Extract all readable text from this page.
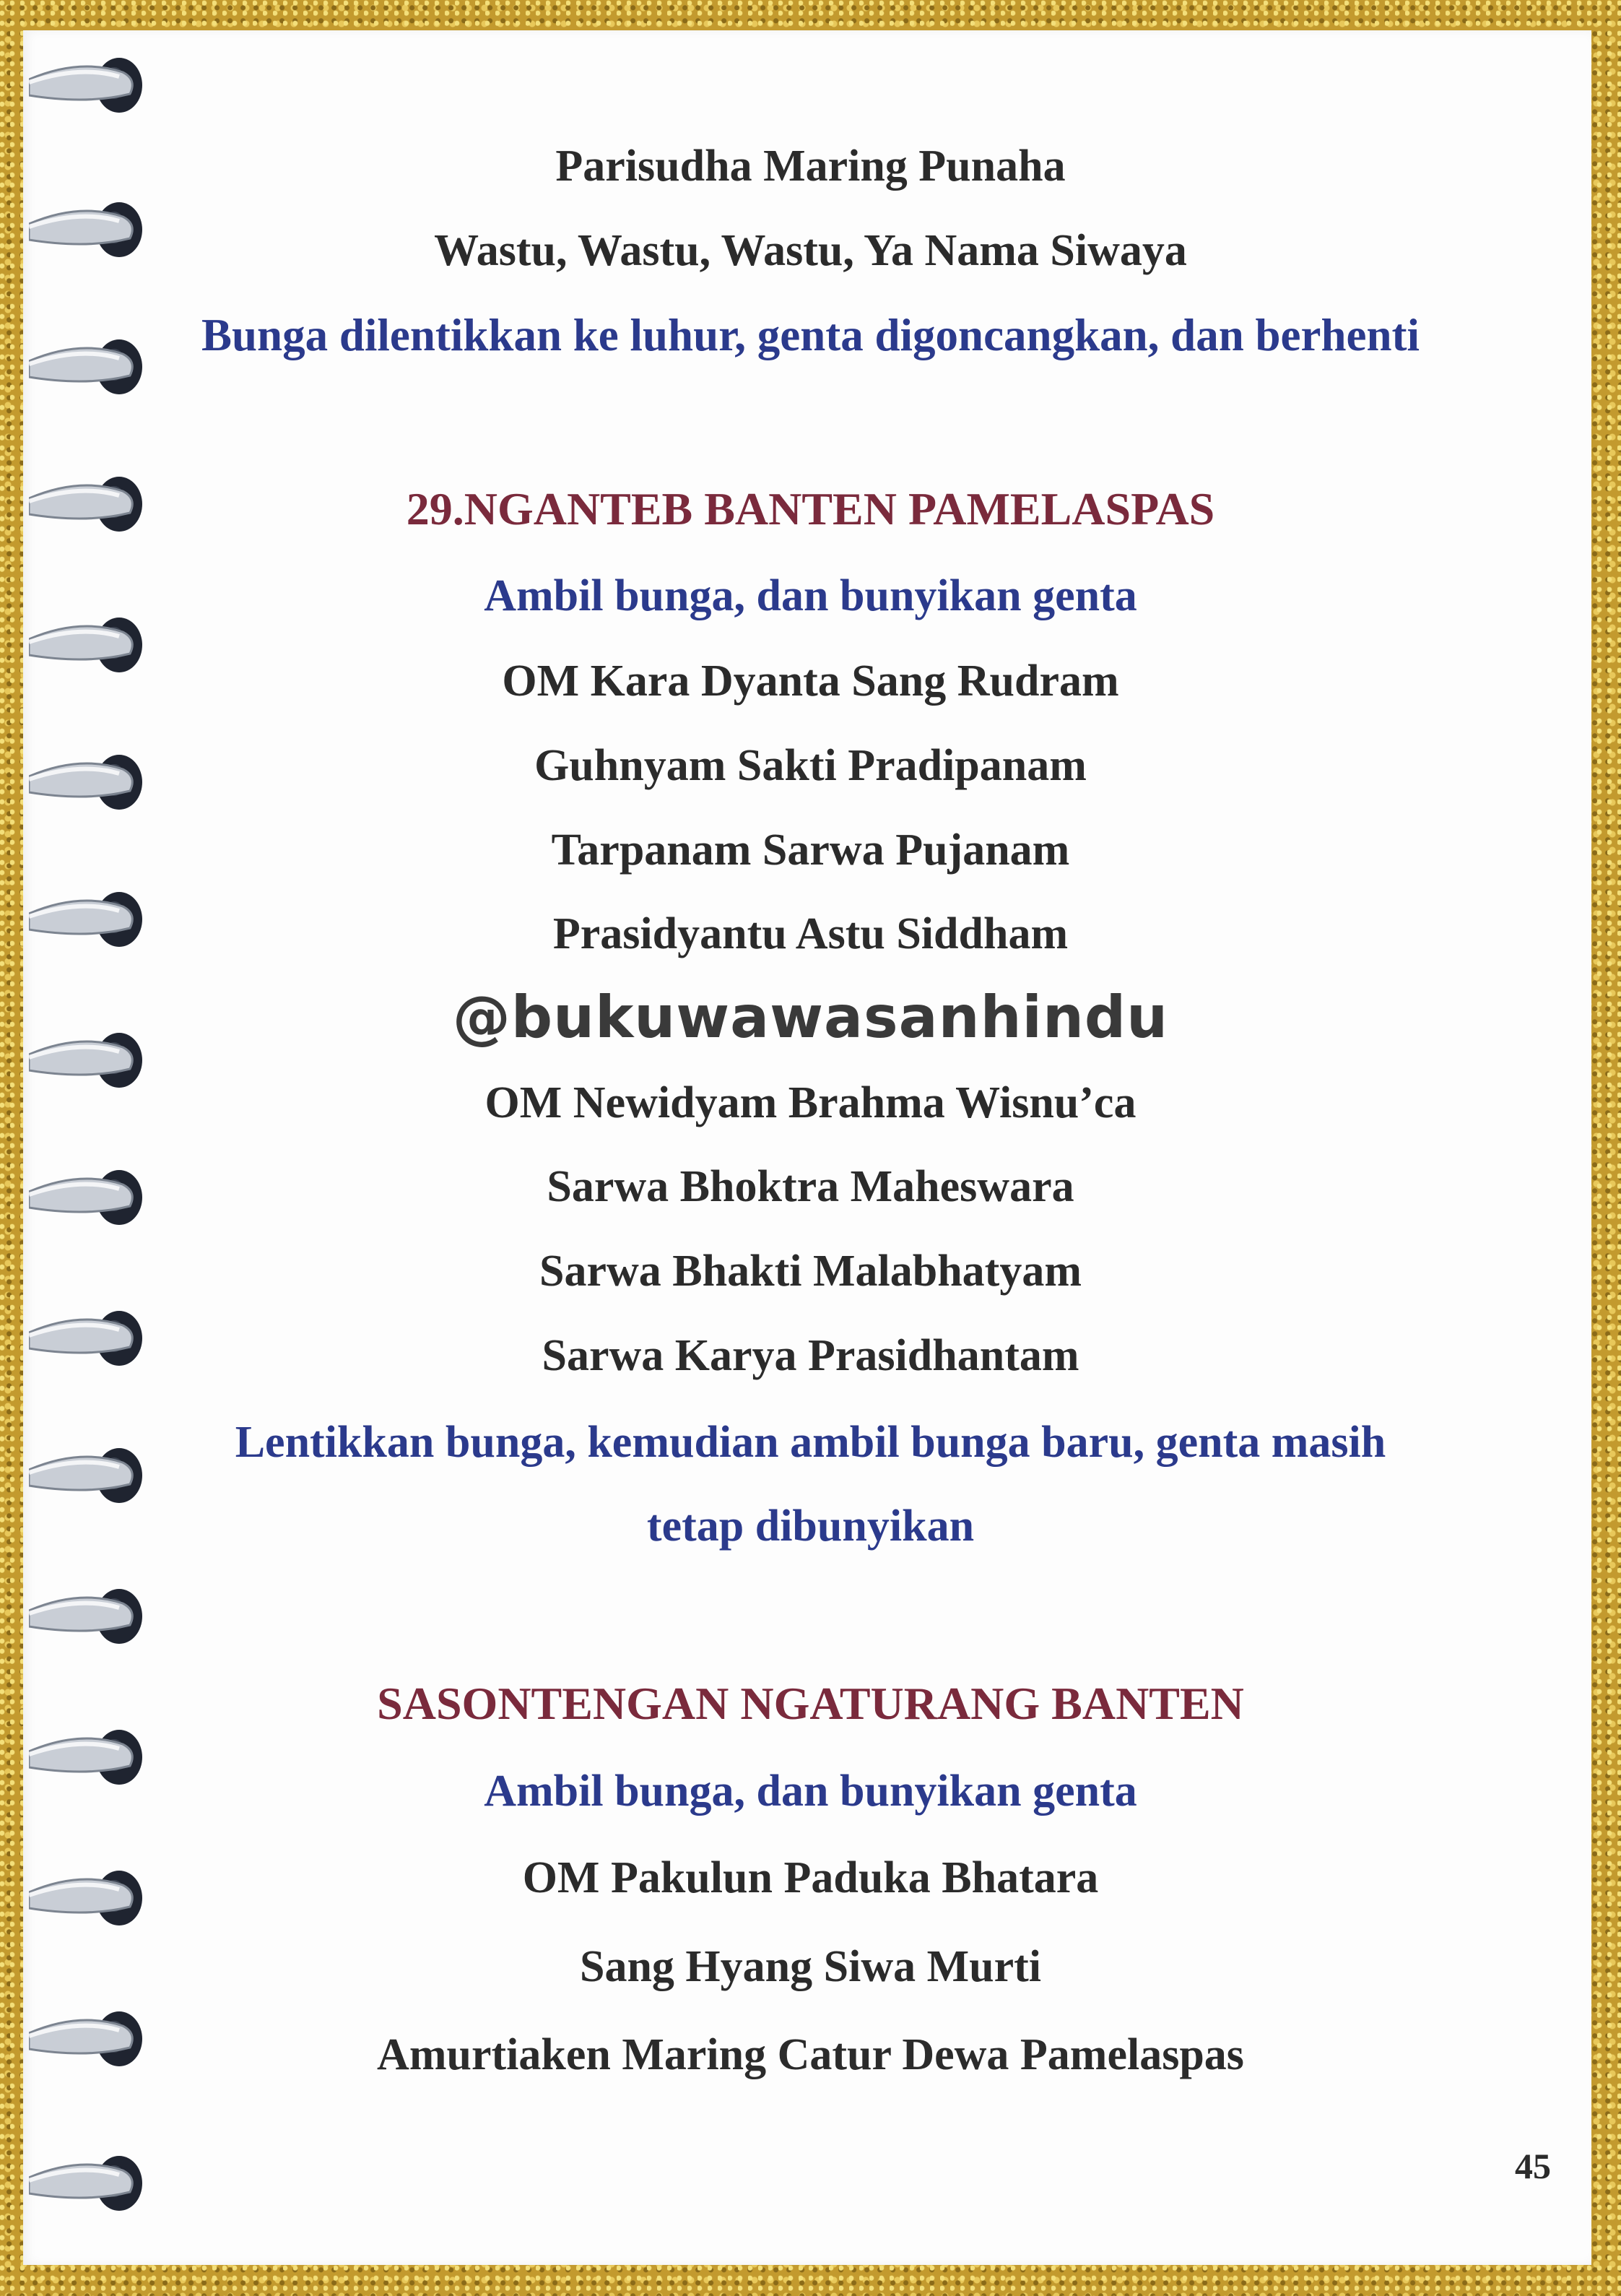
Parisudha Maring Punaha
Wastu, Wastu, Wastu, Ya Nama Siwaya
Bunga dilentikkan ke luhur, genta digoncangkan, dan berhenti
29.NGANTEB BANTEN PAMELASPAS
Ambil bunga, dan bunyikan genta
OM Kara Dyanta Sang Rudram
Guhnyam Sakti Pradipanam
Tarpanam Sarwa Pujanam
Prasidyantu Astu Siddham
@bukuwawasanhindu
OM Newidyam Brahma Wisnu’ca
Sarwa Bhoktra Maheswara
Sarwa Bhakti Malabhatyam
Sarwa Karya Prasidhantam
Lentikkan bunga, kemudian ambil bunga baru, genta masih
tetap dibunyikan
SASONTENGAN NGATURANG BANTEN
Ambil bunga, dan bunyikan genta
OM Pakulun Paduka Bhatara
Sang Hyang Siwa Murti
Amurtiaken Maring Catur Dewa Pamelaspas
45
